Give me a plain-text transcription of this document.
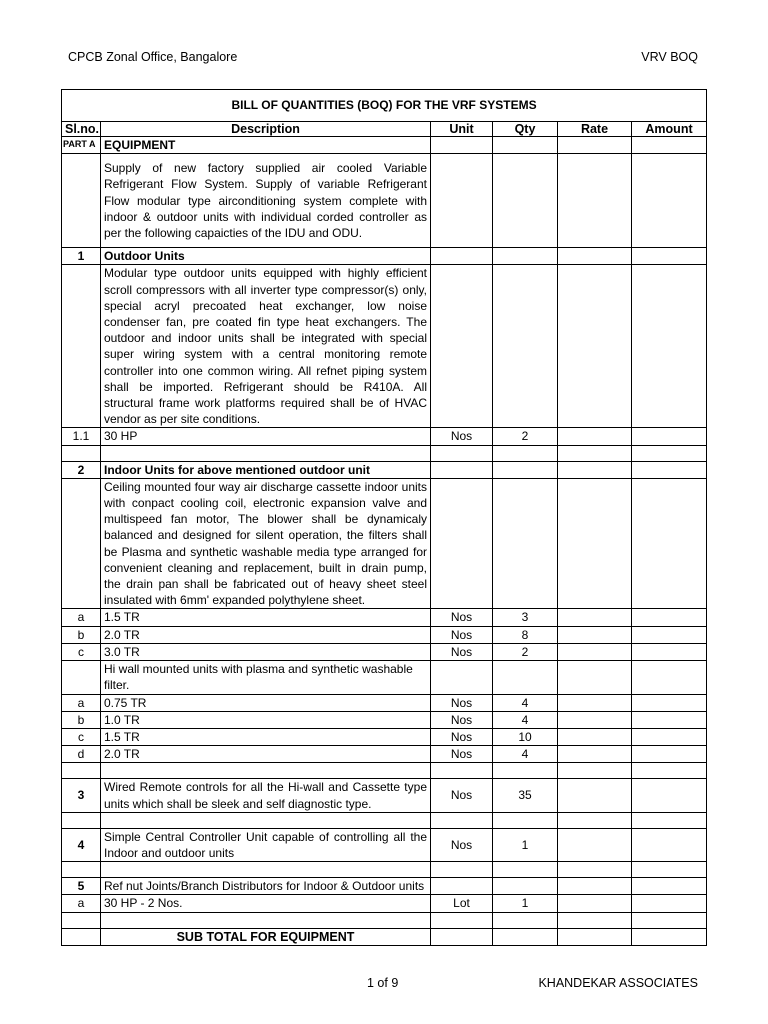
CPCB Zonal Office, Bangalore	VRV BOQ
BILL OF QUANTITIES (BOQ) FOR THE VRF SYSTEMS					
Sl.no.	Description	Unit	Qty	Rate	Amount
PART A	EQUIPMENT				
	Supply of new factory supplied air cooled Variable Refrigerant Flow System. Supply of variable Refrigerant Flow modular type airconditioning system complete with indoor & outdoor units with individual corded controller as per the following capaicties of the IDU and ODU.				
1	Outdoor Units				
	Modular type outdoor units equipped with highly efficient scroll compressors with all inverter type compressor(s) only, special acryl precoated heat exchanger, low noise condenser fan, pre coated fin type heat exchangers. The outdoor and indoor units shall be integrated with special super wiring system with a central monitoring remote controller into one common wiring. All refnet piping system shall be imported. Refrigerant should be R410A. All structural frame work platforms required shall be of HVAC vendor as per site conditions.				
1.1	30 HP	Nos	2		

2	Indoor Units for above mentioned outdoor unit				
	Ceiling mounted four way air discharge cassette indoor units with conpact cooling coil, electronic expansion valve and multispeed fan motor, The blower shall be dynamicaly balanced and designed for silent operation, the filters shall be Plasma and synthetic washable media type arranged for convenient cleaning and replacement, built in drain pump, the drain pan shall be fabricated out of heavy sheet steel insulated with 6mm' expanded polythylene sheet.				
a	1.5 TR	Nos	3		
b	2.0 TR	Nos	8		
c	3.0 TR	Nos	2		
	Hi wall mounted units with plasma and synthetic washable filter.				
a	0.75 TR	Nos	4		
b	1.0 TR	Nos	4		
c	1.5 TR	Nos	10		
d	2.0 TR	Nos	4		

3	Wired Remote controls for all the Hi-wall and Cassette type units which shall be sleek and self diagnostic type.	Nos	35		

4	Simple Central Controller Unit capable of controlling all the Indoor and outdoor units	Nos	1		

5	Ref nut Joints/Branch Distributors for Indoor & Outdoor units				
a	30 HP - 2 Nos.	Lot	1		

	SUB TOTAL FOR EQUIPMENT				
1 of 9	KHANDEKAR ASSOCIATES
